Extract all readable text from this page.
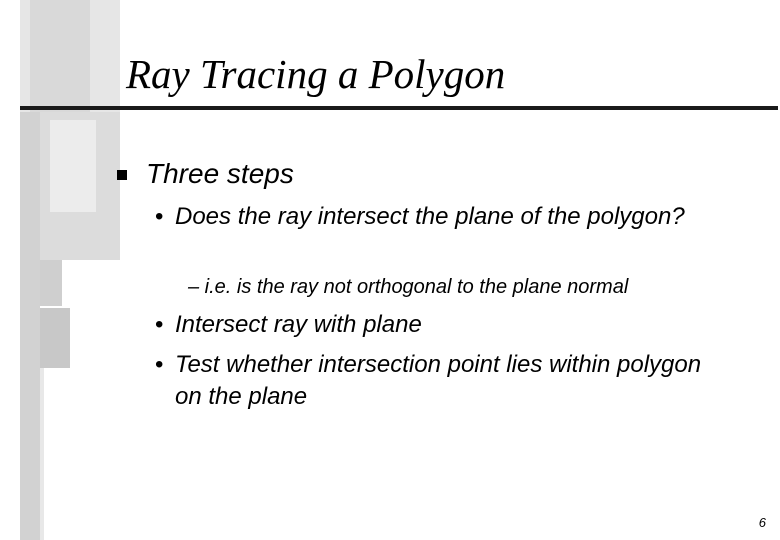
Ray Tracing a Polygon

Three steps

• Does the ray intersect the plane of the polygon?

– i.e. is the ray not orthogonal to the plane normal

• Intersect ray with plane

• Test whether intersection point lies within polygon on the plane

6
